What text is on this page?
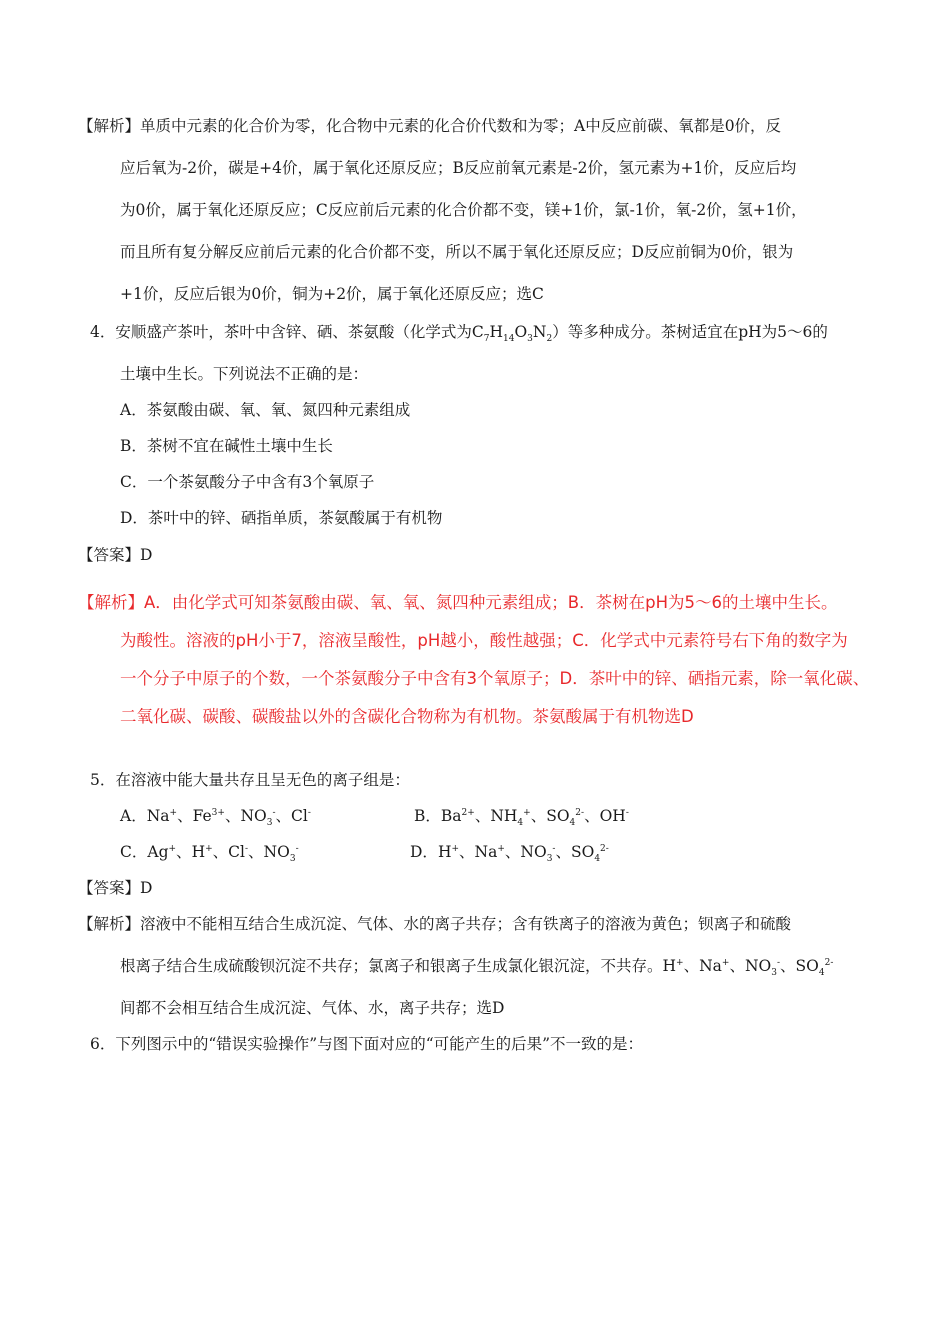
【解析】单质中元素的化合价为零，化合物中元素的化合价代数和为零；A中反应前碳、氧都是0价，反
应后氧为-2价，碳是+4价，属于氧化还原反应；B反应前氧元素是-2价，氢元素为+1价，反应后均
为0价，属于氧化还原反应；C反应前后元素的化合价都不变，镁+1价，氯-1价，氧-2价，氢+1价，
而且所有复分解反应前后元素的化合价都不变，所以不属于氧化还原反应；D反应前铜为0价，银为
+1价，反应后银为0价，铜为+2价，属于氧化还原反应；选C
4．安顺盛产茶叶，茶叶中含锌、硒、茶氨酸（化学式为$C_7H_{14}O_3N_2$）等多种成分。茶树适宜在pH为5～6的
土壤中生长。下列说法不正确的是：
A．茶氨酸由碳、氧、氧、氮四种元素组成
B．茶树不宜在碱性土壤中生长
C．一个茶氨酸分子中含有3个氧原子
D．茶叶中的锌、硒指单质，茶氨酸属于有机物
【答案】D
【解析】A．由化学式可知茶氨酸由碳、氧、氧、氮四种元素组成；B．茶树在pH为5～6的土壤中生长。
为酸性。溶液的pH小于7，溶液呈酸性，pH越小，酸性越强；C．化学式中元素符号右下角的数字为
一个分子中原子的个数，一个茶氨酸分子中含有3个氧原子；D．茶叶中的锌、硒指元素，除一氧化碳、
二氧化碳、碳酸、碳酸盐以外的含碳化合物称为有机物。茶氨酸属于有机物选D
5．在溶液中能大量共存且呈无色的离子组是：
A．Na+、$Fe^{3+}$、$NO_3^-$、Cl-	B．$Ba^{2+}$、$NH_4^+$、$SO_4^{2-}$、OH-
C．Ag+、H+、Cl-、$NO_3^-$	D．H+、Na+、$NO_3^-$、$SO_4^{2-}$
【答案】D
【解析】溶液中不能相互结合生成沉淀、气体、水的离子共存；含有铁离子的溶液为黄色；钡离子和硫酸
根离子结合生成硫酸钡沉淀不共存；氯离子和银离子生成氯化银沉淀，不共存。H+、Na+、$NO_3^-$、$SO_4^{2-}$
间都不会相互结合生成沉淀、气体、水，离子共存；选D
6．下列图示中的“错误实验操作”与图下面对应的“可能产生的后果”不一致的是：
